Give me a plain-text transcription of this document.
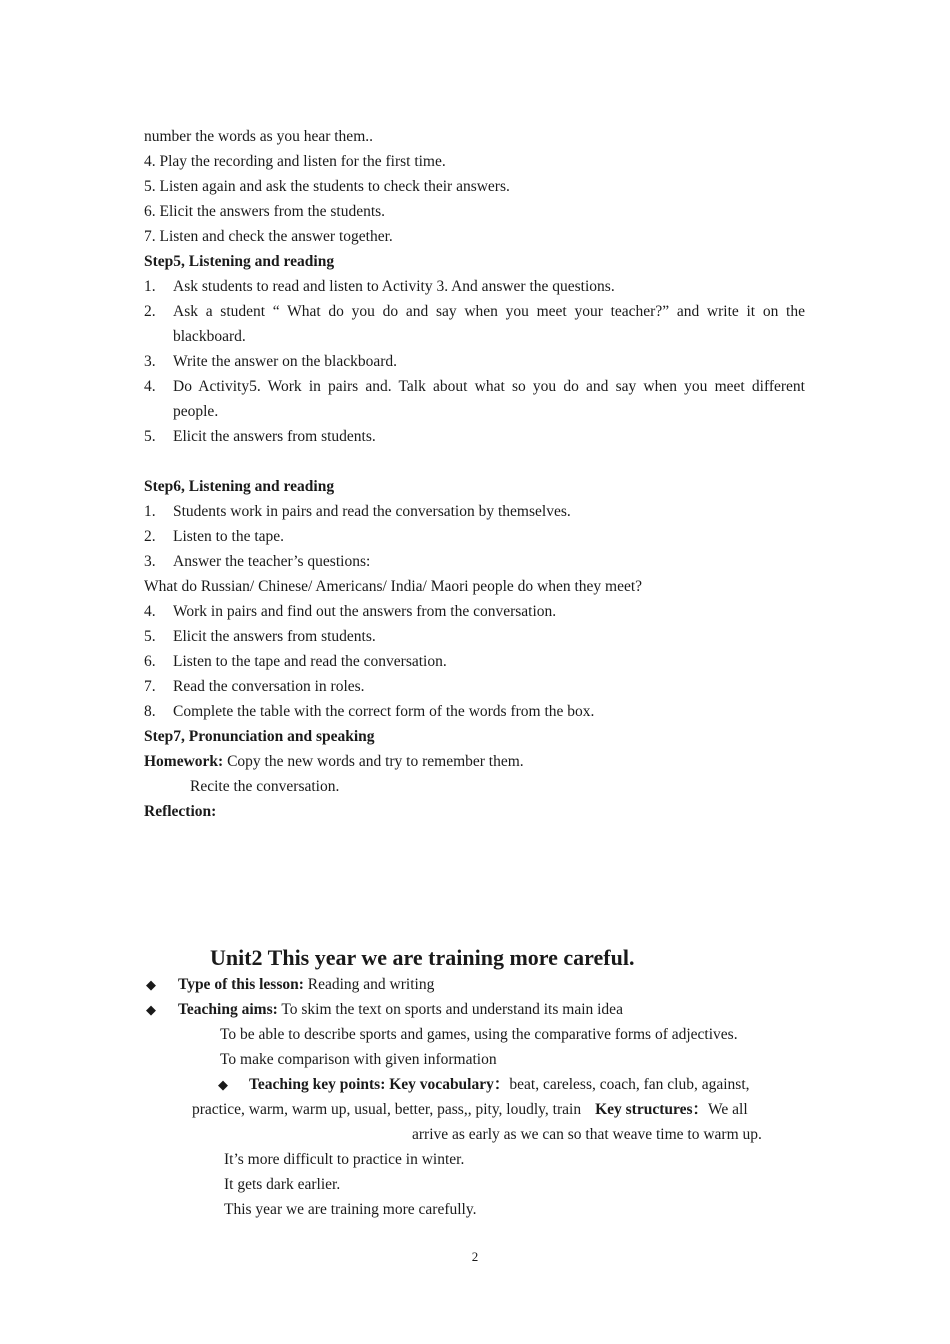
number the words as you hear them..
4. Play the recording and listen for the first time.
5. Listen again and ask the students to check their answers.
6. Elicit the answers from the students.
7. Listen and check the answer together.
Step5, Listening and reading
1. Ask students to read and listen to Activity 3. And answer the questions.
2. Ask a student “ What do you do and say when you meet your teacher?” and write it on the
blackboard.
3. Write the answer on the blackboard.
4. Do Activity5. Work in pairs and. Talk about what so you do and say when you meet different
people.
5. Elicit the answers from students.
Step6, Listening and reading
1. Students work in pairs and read the conversation by themselves.
2. Listen to the tape.
3. Answer the teacher’s questions:
What do Russian/ Chinese/ Americans/ India/ Maori people do when they meet?
4. Work in pairs and find out the answers from the conversation.
5. Elicit the answers from students.
6. Listen to the tape and read the conversation.
7. Read the conversation in roles.
8. Complete the table with the correct form of the words from the box.
Step7, Pronunciation and speaking
Homework: Copy the new words and try to remember them.
Recite the conversation.
Reflection:
Unit2 This year we are training more careful.
◆ Type of this lesson: Reading and writing
◆ Teaching aims: To skim the text on sports and understand its main idea
To be able to describe sports and games, using the comparative forms of adjectives.
To make comparison with given information
◆ Teaching key points: Key vocabulary：beat, careless, coach, fan club, against,
practice, warm, warm up, usual, better, pass,, pity, loudly, train Key structures：We all
arrive as early as we can so that weave time to warm up.
It’s more difficult to practice in winter.
It gets dark earlier.
This year we are training more carefully.
2
